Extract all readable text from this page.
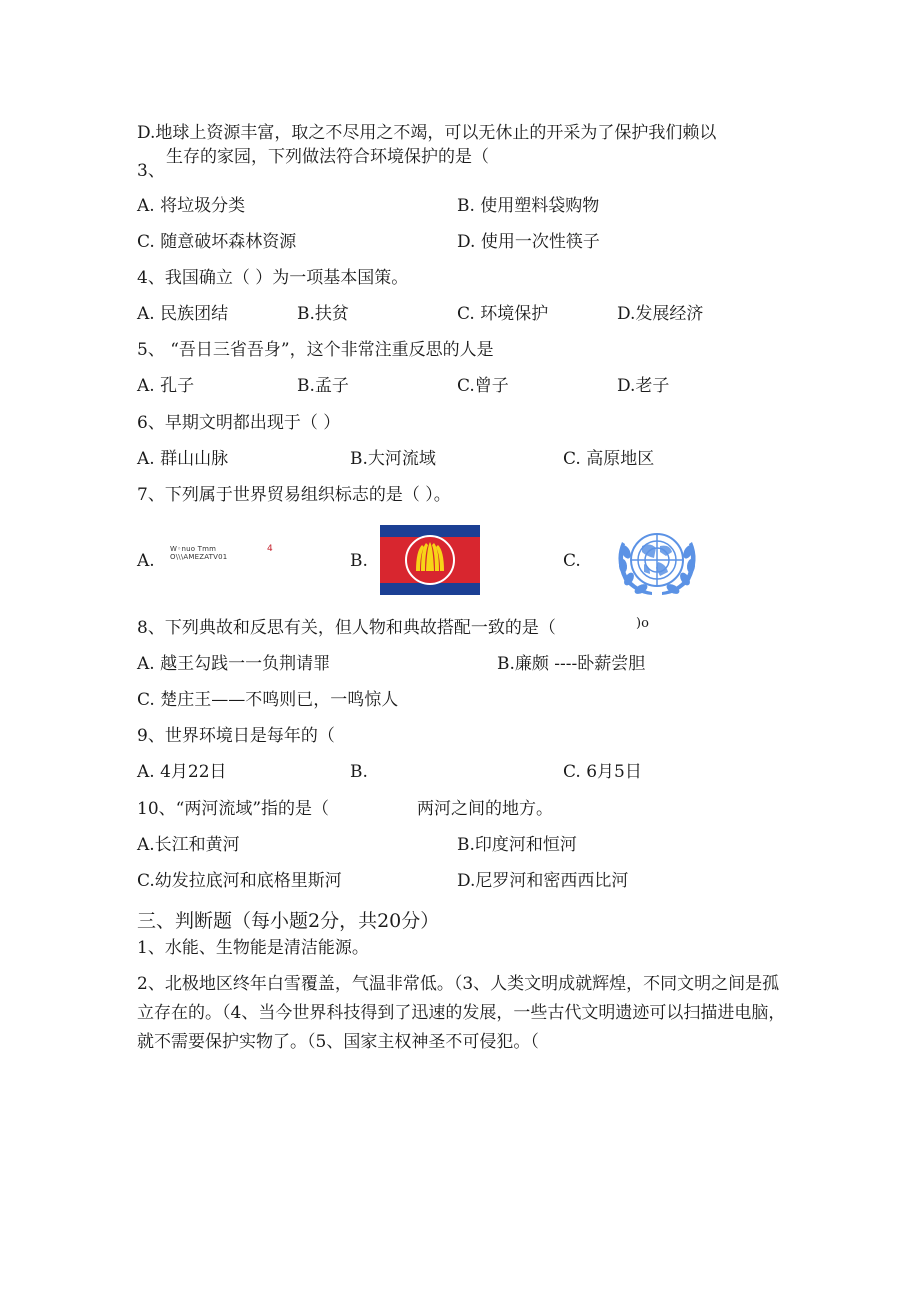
D.地球上资源丰富，取之不尽用之不竭，可以无休止的开采为了保护我们赖以
生存的家园，下列做法符合环境保护的是（
3、
A. 将垃圾分类	B. 使用塑料袋购物
C. 随意破坏森林资源	D. 使用一次性筷子
4、我国确立（ ）为一项基本国策。
A. 民族团结	B.扶贫	C. 环境保护	D.发展经济
5、 “吾日三省吾身”，这个非常注重反思的人是
A. 孔子	B.孟子	C.曾子	D.老子
6、早期文明都出现于（ ）
A. 群山山脉	B.大河流域	C. 高原地区
7、下列属于世界贸易组织标志的是（ ）。
A.
W◦nuo Tmm
O\\\AMEZATV01
4
B.	C.
8、下列典故和反思有关，但人物和典故搭配一致的是（	)o
A. 越王勾践一一负荆请罪	B.廉颇 ----卧薪尝胆
C. 楚庄王——不鸣则已，一鸣惊人
9、世界环境日是每年的（
A. 4月22日	B.	C. 6月5日
10、“两河流域”指的是（	两河之间的地方。
A.长江和黄河	B.印度河和恒河
C.幼发拉底河和底格里斯河	D.尼罗河和密西西比河
三、判断题（每小题2分，共20分）
1、水能、生物能是清洁能源。
2、北极地区终年白雪覆盖，气温非常低。（3、人类文明成就辉煌，不同文明之间是孤立存在的。（4、当今世界科技得到了迅速的发展，一些古代文明遗迹可以扫描进电脑，就不需要保护实物了。（5、国家主权神圣不可侵犯。（
